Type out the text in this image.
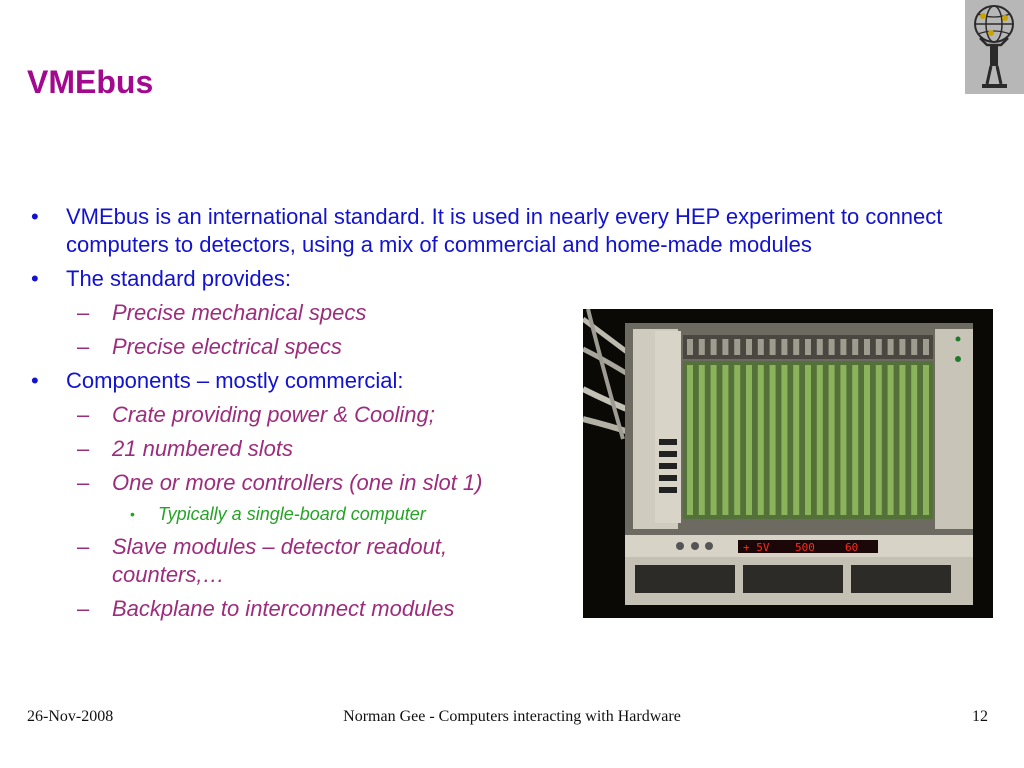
VMEbus
• VMEbus is an international standard. It is used in nearly every HEP experiment to connect computers to detectors, using a mix of commercial and home-made modules
• The standard provides:
– Precise mechanical specs
– Precise electrical specs
• Components – mostly commercial:
– Crate providing power & Cooling;
– 21 numbered slots
– One or more controllers (one in slot 1)
• Typically a single-board computer
– Slave modules – detector readout, counters,…
– Backplane to interconnect modules
+ 5V 500	60
26-Nov-2008	Norman Gee - Computers interacting with Hardware	12
